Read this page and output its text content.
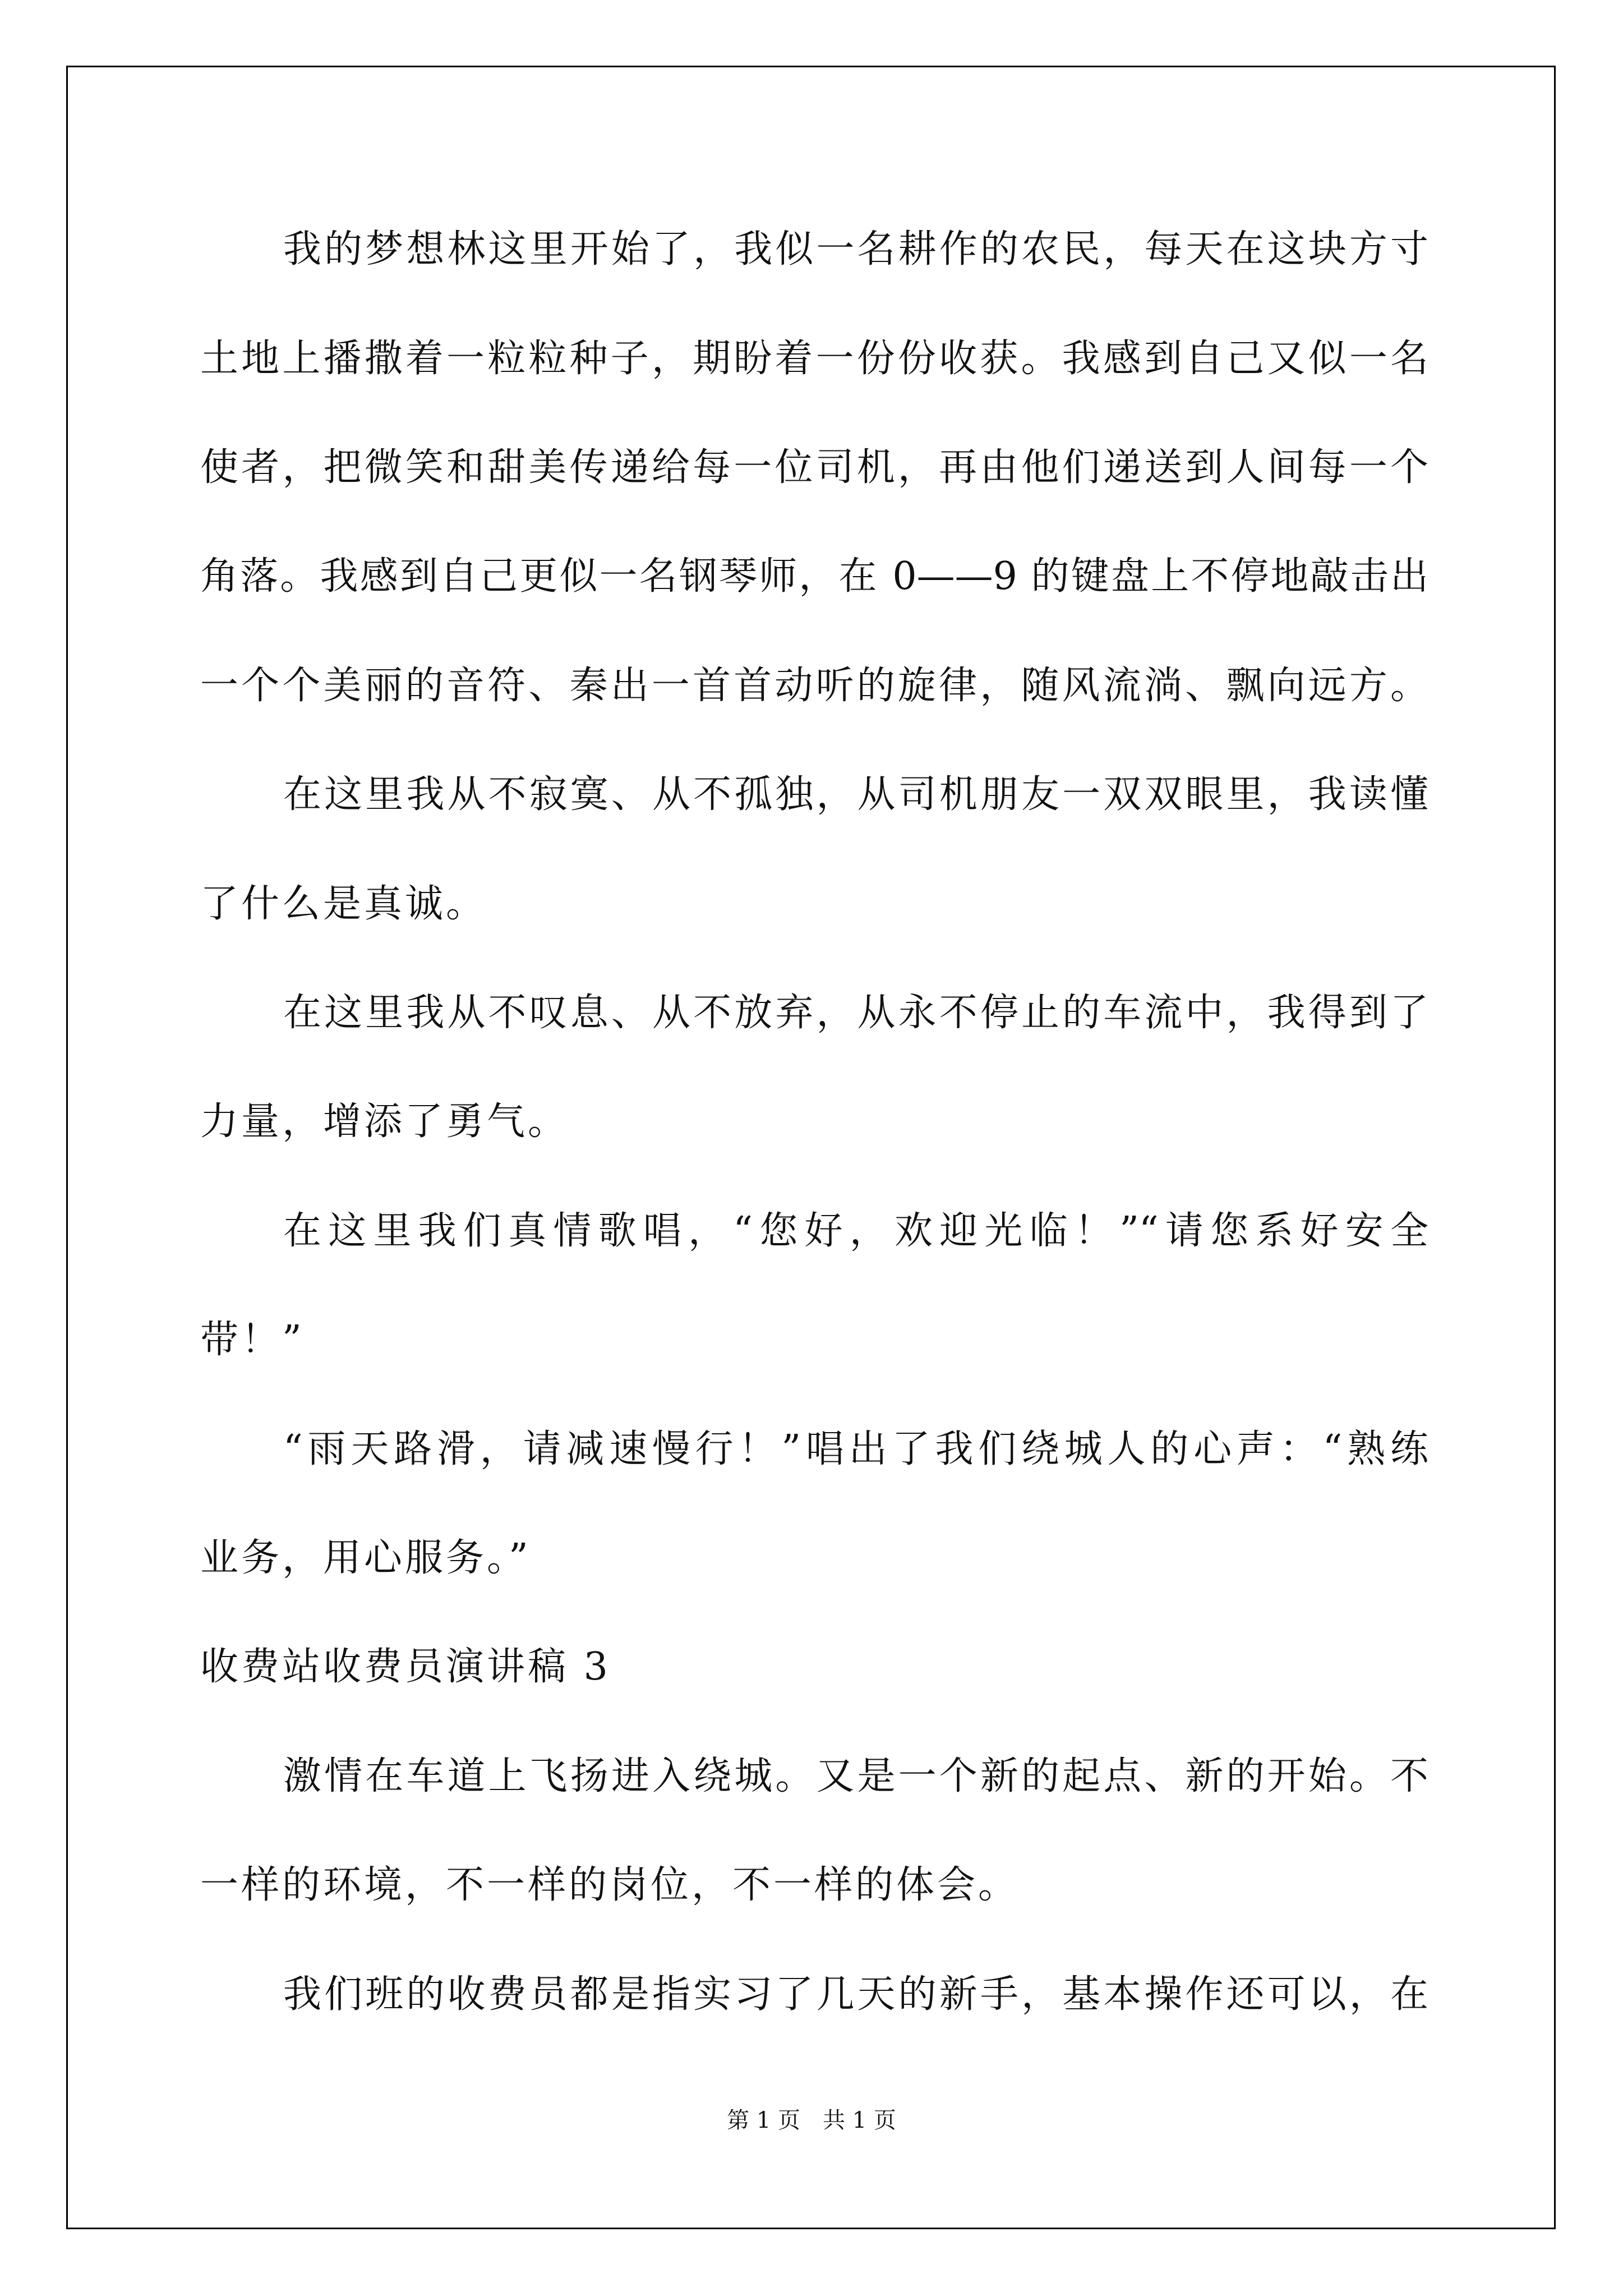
我的梦想林这里开始了，我似一名耕作的农民，每天在这块方寸

土地上播撒着一粒粒种子，期盼着一份份收获。我感到自己又似一名

使者，把微笑和甜美传递给每一位司机，再由他们递送到人间每一个

角落。我感到自己更似一名钢琴师，在 0——9 的键盘上不停地敲击出

一个个美丽的音符、秦出一首首动听的旋律，随风流淌、飘向远方。

在这里我从不寂寞、从不孤独，从司机朋友一双双眼里，我读懂

了什么是真诚。

在这里我从不叹息、从不放弃，从永不停止的车流中，我得到了

力量，增添了勇气。

在这里我们真情歌唱，“您好，欢迎光临！”“请您系好安全

带！”

“雨天路滑，请减速慢行！”唱出了我们绕城人的心声：“熟练

业务，用心服务。”

收费站收费员演讲稿 3

激情在车道上飞扬进入绕城。又是一个新的起点、新的开始。不

一样的环境，不一样的岗位，不一样的体会。

我们班的收费员都是指实习了几天的新手，基本操作还可以，在

第 1 页　共 1 页
